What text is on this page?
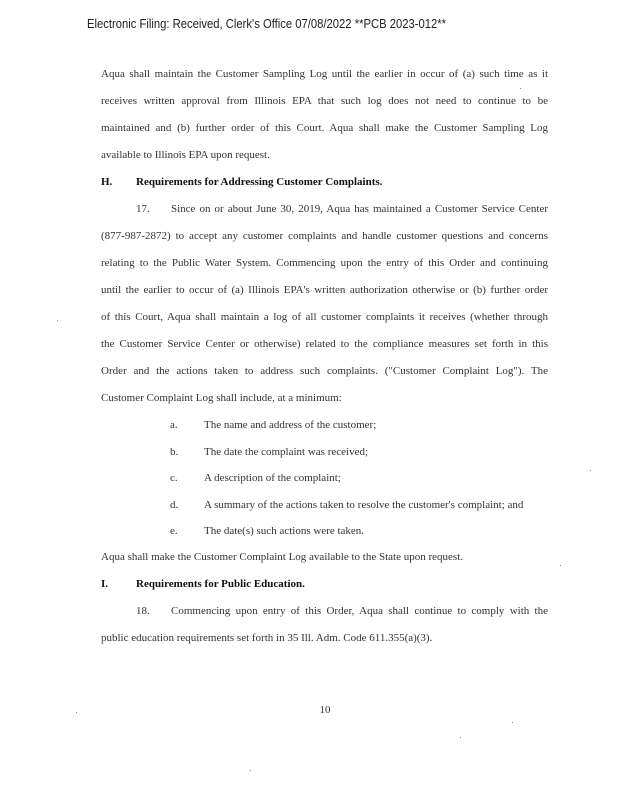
Electronic Filing: Received, Clerk's Office 07/08/2022 **PCB 2023-012**
Aqua shall maintain the Customer Sampling Log until the earlier in occur of (a) such time as it
receives written approval from Illinois EPA that such log does not need to continue to be
maintained and (b) further order of this Court. Aqua shall make the Customer Sampling Log
available to Illinois EPA upon request.
H. Requirements for Addressing Customer Complaints.
17. Since on or about June 30, 2019, Aqua has maintained a Customer Service Center
(877-987-2872) to accept any customer complaints and handle customer questions and concerns
relating to the Public Water System. Commencing upon the entry of this Order and continuing
until the earlier to occur of (a) Illinois EPA's written authorization otherwise or (b) further order
of this Court, Aqua shall maintain a log of all customer complaints it receives (whether through
the Customer Service Center or otherwise) related to the compliance measures set forth in this
Order and the actions taken to address such complaints. ("Customer Complaint Log"). The
Customer Complaint Log shall include, at a minimum:
a. The name and address of the customer;
b. The date the complaint was received;
c. A description of the complaint;
d. A summary of the actions taken to resolve the customer's complaint; and
e. The date(s) such actions were taken.
Aqua shall make the Customer Complaint Log available to the State upon request.
I.	Requirements for Public Education.
18. Commencing upon entry of this Order, Aqua shall continue to comply with the
public education requirements set forth in 35 Ill. Adm. Code 611.355(a)(3).
10
